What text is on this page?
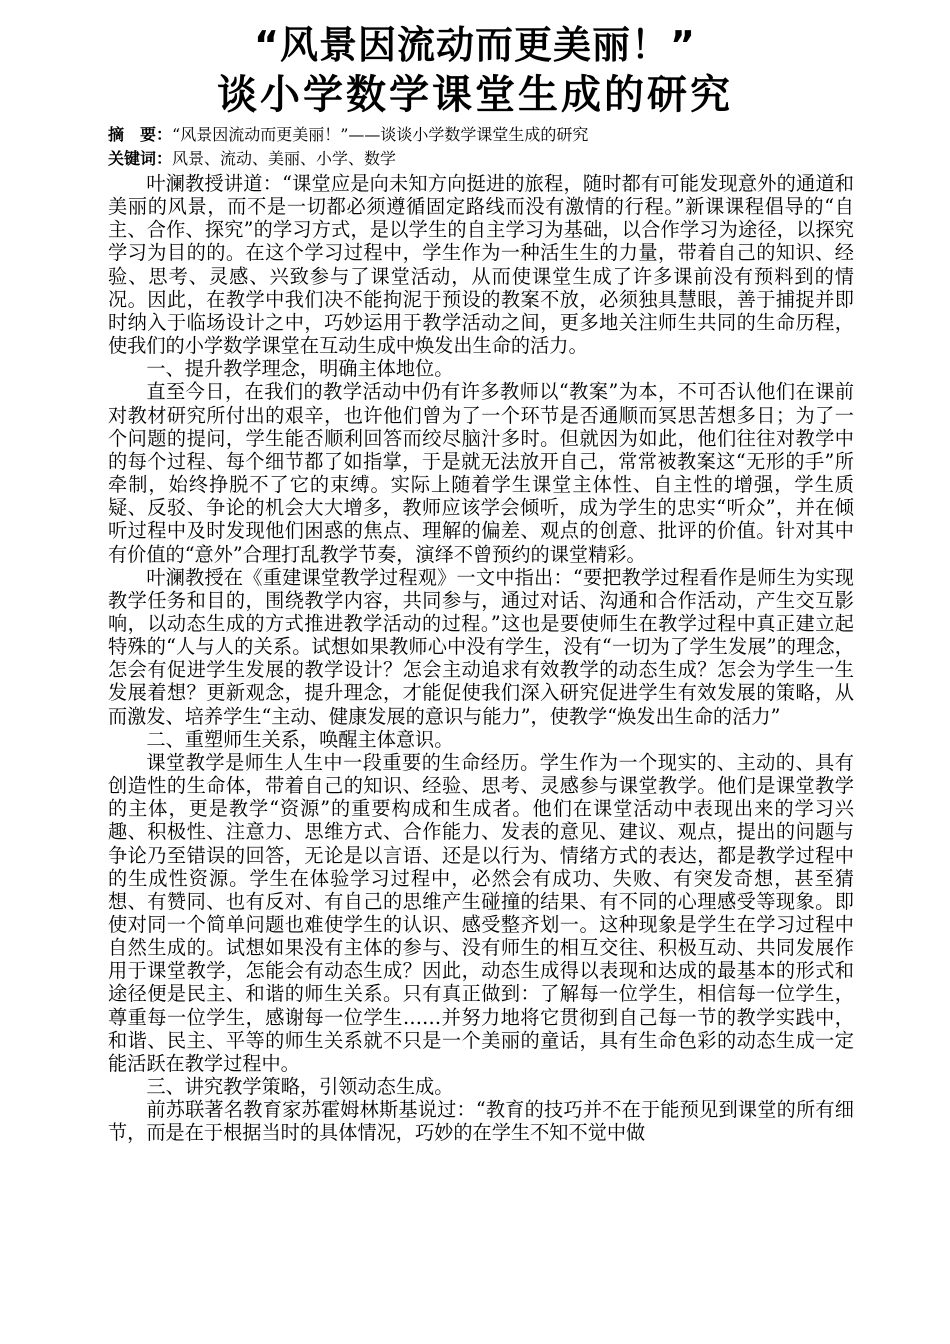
“风景因流动而更美丽！”
谈小学数学课堂生成的研究
摘　要：“风景因流动而更美丽！”——谈谈小学数学课堂生成的研究
关键词：风景、流动、美丽、小学、数学

叶澜教授讲道：“课堂应是向未知方向挺进的旅程，随时都有可能发现意外的通道和美丽的风景，而不是一切都必须遵循固定路线而没有激情的行程。”新课课程倡导的“自主、合作、探究”的学习方式，是以学生的自主学习为基础，以合作学习为途径，以探究学习为目的的。在这个学习过程中，学生作为一种活生生的力量，带着自己的知识、经验、思考、灵感、兴致参与了课堂活动，从而使课堂生成了许多课前没有预料到的情况。因此，在教学中我们决不能拘泥于预设的教案不放，必须独具慧眼，善于捕捉并即时纳入于临场设计之中，巧妙运用于教学活动之间，更多地关注师生共同的生命历程，使我们的小学数学课堂在互动生成中焕发出生命的活力。

一、提升教学理念，明确主体地位。

直至今日，在我们的教学活动中仍有许多教师以“教案”为本，不可否认他们在课前对教材研究所付出的艰辛，也许他们曾为了一个环节是否通顺而冥思苦想多日；为了一个问题的提问，学生能否顺利回答而绞尽脑汁多时。但就因为如此，他们往往对教学中的每个过程、每个细节都了如指掌，于是就无法放开自己，常常被教案这“无形的手”所牵制，始终挣脱不了它的束缚。实际上随着学生课堂主体性、自主性的增强，学生质疑、反驳、争论的机会大大增多，教师应该学会倾听，成为学生的忠实“听众”，并在倾听过程中及时发现他们困惑的焦点、理解的偏差、观点的创意、批评的价值。针对其中有价值的“意外”合理打乱教学节奏，演绎不曾预约的课堂精彩。

叶澜教授在《重建课堂教学过程观》一文中指出：“要把教学过程看作是师生为实现教学任务和目的，围绕教学内容，共同参与，通过对话、沟通和合作活动，产生交互影响，以动态生成的方式推进教学活动的过程。”这也是要使师生在教学过程中真正建立起特殊的“人与人的关系。试想如果教师心中没有学生，没有“一切为了学生发展”的理念，怎会有促进学生发展的教学设计？怎会主动追求有效教学的动态生成？怎会为学生一生发展着想？更新观念，提升理念，才能促使我们深入研究促进学生有效发展的策略，从而激发、培养学生“主动、健康发展的意识与能力”，使教学“焕发出生命的活力”

二、重塑师生关系，唤醒主体意识。

课堂教学是师生人生中一段重要的生命经历。学生作为一个现实的、主动的、具有创造性的生命体，带着自己的知识、经验、思考、灵感参与课堂教学。他们是课堂教学的主体，更是教学“资源”的重要构成和生成者。他们在课堂活动中表现出来的学习兴趣、积极性、注意力、思维方式、合作能力、发表的意见、建议、观点，提出的问题与争论乃至错误的回答，无论是以言语、还是以行为、情绪方式的表达，都是教学过程中的生成性资源。学生在体验学习过程中，必然会有成功、失败、有突发奇想，甚至猜想、有赞同、也有反对、有自己的思维产生碰撞的结果、有不同的心理感受等现象。即使对同一个简单问题也难使学生的认识、感受整齐划一。这种现象是学生在学习过程中自然生成的。试想如果没有主体的参与、没有师生的相互交往、积极互动、共同发展作用于课堂教学，怎能会有动态生成？因此，动态生成得以表现和达成的最基本的形式和途径便是民主、和谐的师生关系。只有真正做到：了解每一位学生，相信每一位学生，尊重每一位学生，感谢每一位学生……并努力地将它贯彻到自己每一节的教学实践中，和谐、民主、平等的师生关系就不只是一个美丽的童话，具有生命色彩的动态生成一定能活跃在教学过程中。

三、讲究教学策略，引领动态生成。

前苏联著名教育家苏霍姆林斯基说过：“教育的技巧并不在于能预见到课堂的所有细节，而是在于根据当时的具体情况，巧妙的在学生不知不觉中做
